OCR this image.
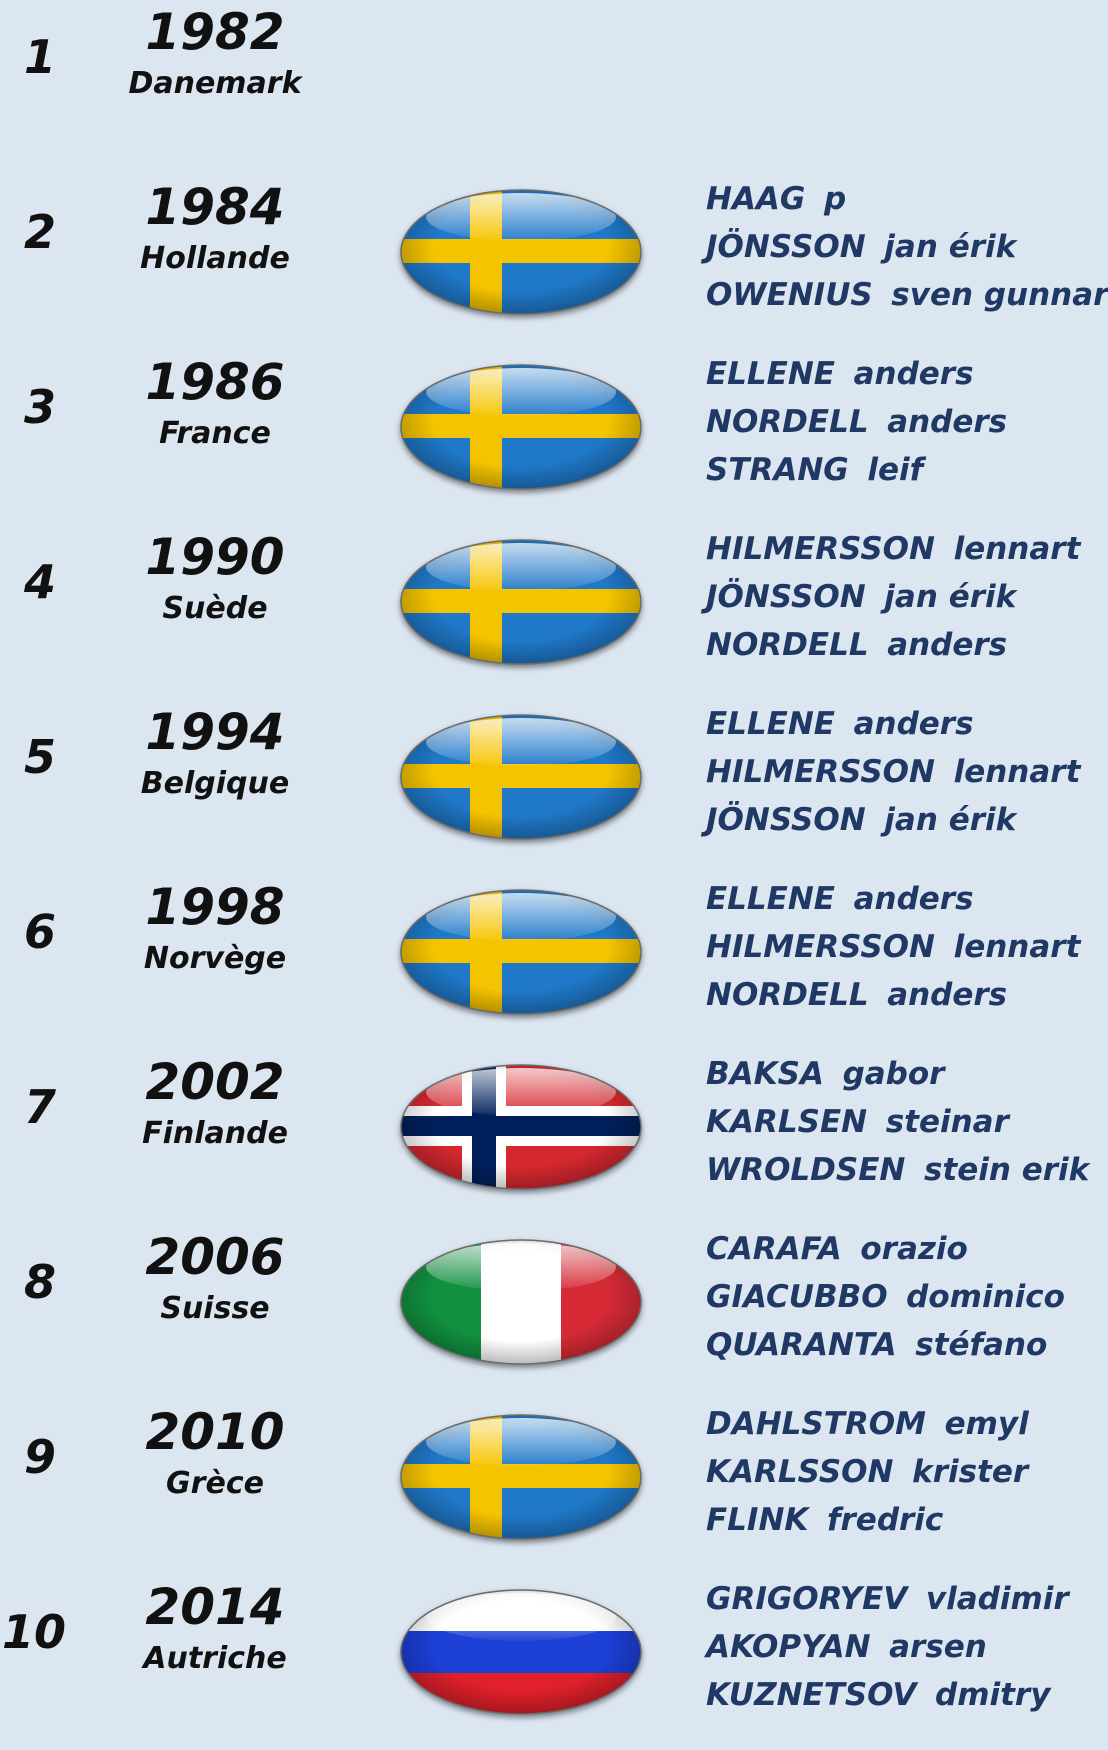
1	1982
Danemark
2	1984
Hollande
HAAG p
JÖNSSON jan érik
OWENIUS sven gunnar
3	1986
France
ELLENE anders
NORDELL anders
STRANG leif
4	1990
Suède
HILMERSSON lennart
JÖNSSON jan érik
NORDELL anders
5	1994
Belgique
ELLENE anders
HILMERSSON lennart
JÖNSSON jan érik
6	1998
Norvège
ELLENE anders
HILMERSSON lennart
NORDELL anders
7	2002
Finlande
BAKSA gabor
KARLSEN steinar
WROLDSEN stein erik
8	2006
Suisse
CARAFA orazio
GIACUBBO dominico
QUARANTA stéfano
9	2010
Grèce
DAHLSTROM emyl
KARLSSON krister
FLINK fredric
10	2014
Autriche
GRIGORYEV vladimir
AKOPYAN arsen
KUZNETSOV dmitry
